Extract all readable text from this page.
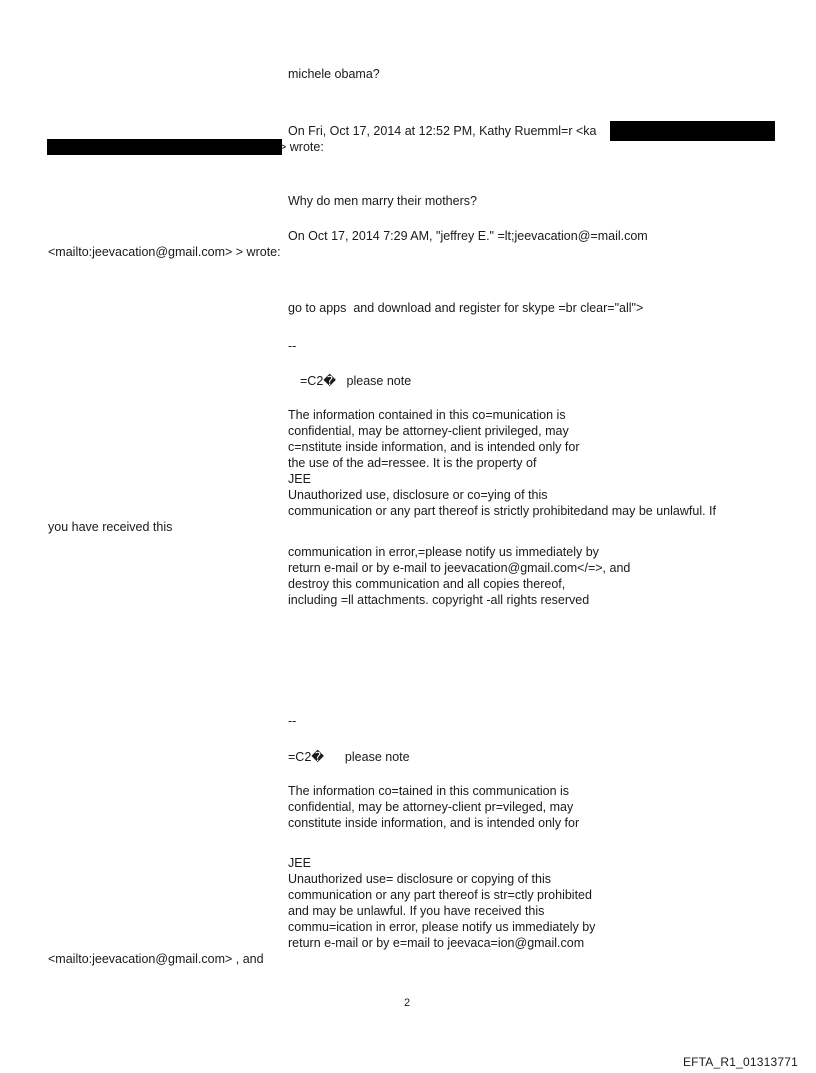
michele obama?
On Fri, Oct 17, 2014 at 12:52 PM, Kathy Ruemml=r <ka
> wrote:
Why do men marry their mothers?
On Oct 17, 2014 7:29 AM, "jeffrey E." =lt;jeevacation@=mail.com
<mailto:jeevacation@gmail.com> > wrote:
go to apps  and download and register for skype =br clear="all">
--
=C2�   please note
The information contained in this co=munication is
confidential, may be attorney-client privileged, may
c=nstitute inside information, and is intended only for
the use of the ad=ressee. It is the property of
JEE
Unauthorized use, disclosure or co=ying of this
communication or any part thereof is strictly prohibitedand may be unlawful. If
you have received this
communication in error,=please notify us immediately by
return e-mail or by e-mail to jeevacation@gmail.com</=>, and
destroy this communication and all copies thereof,
including =ll attachments. copyright -all rights reserved
--
=C2�      please note
The information co=tained in this communication is
confidential, may be attorney-client pr=vileged, may
constitute inside information, and is intended only for
JEE
Unauthorized use= disclosure or copying of this
communication or any part thereof is str=ctly prohibited
and may be unlawful. If you have received this
commu=ication in error, please notify us immediately by
return e-mail or by e=mail to jeevaca=ion@gmail.com
<mailto:jeevacation@gmail.com> , and
2
EFTA_R1_01313771
